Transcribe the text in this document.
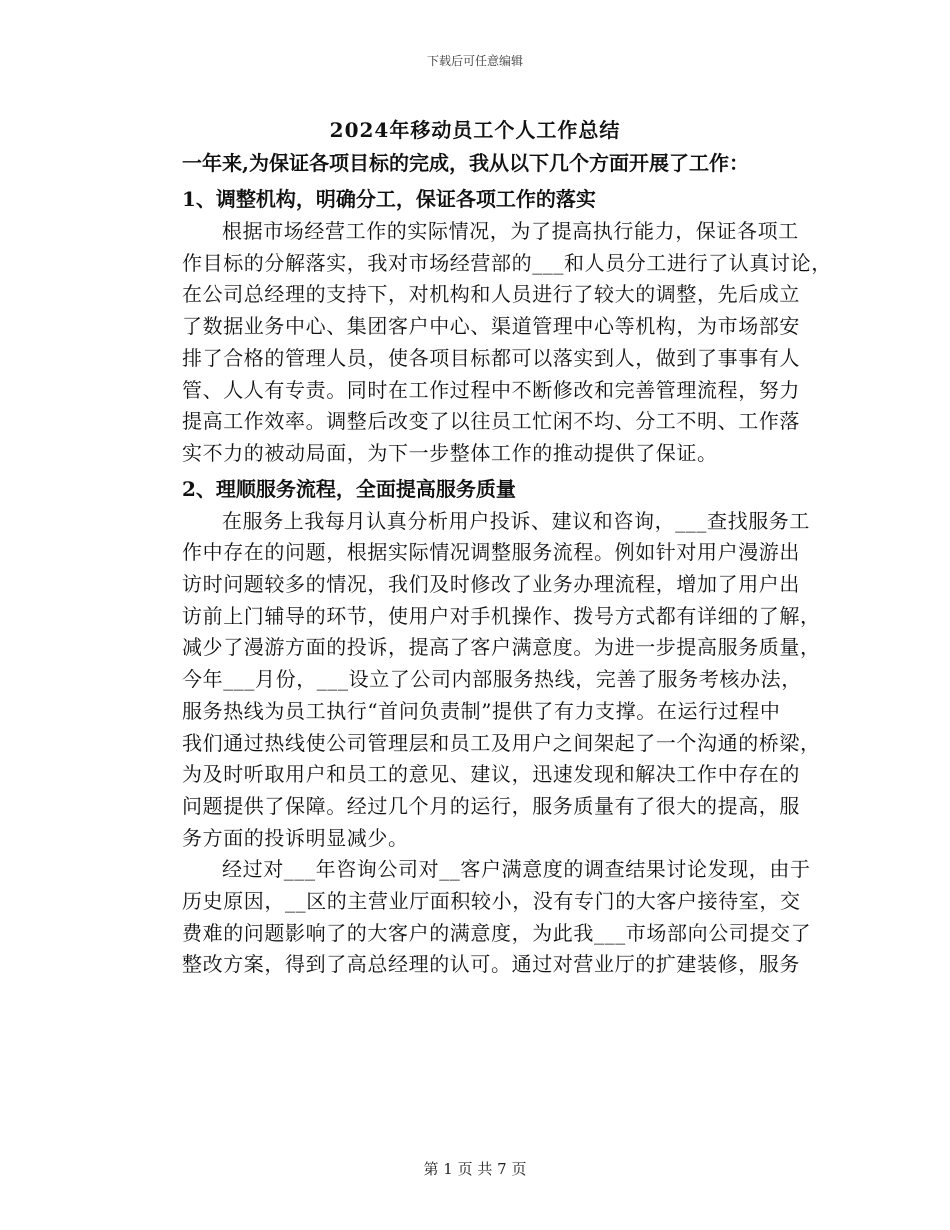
下载后可任意编辑
2024年移动员工个人工作总结

一年来,为保证各项目标的完成，我从以下几个方面开展了工作：

1、调整机构，明确分工，保证各项工作的落实

根据市场经营工作的实际情况，为了提高执行能力，保证各项工
作目标的分解落实，我对市场经营部的___和人员分工进行了认真讨论，
在公司总经理的支持下，对机构和人员进行了较大的调整，先后成立
了数据业务中心、集团客户中心、渠道管理中心等机构，为市场部安
排了合格的管理人员，使各项目标都可以落实到人，做到了事事有人
管、人人有专责。同时在工作过程中不断修改和完善管理流程，努力
提高工作效率。调整后改变了以往员工忙闲不均、分工不明、工作落
实不力的被动局面，为下一步整体工作的推动提供了保证。

2、理顺服务流程，全面提高服务质量

在服务上我每月认真分析用户投诉、建议和咨询，___查找服务工
作中存在的问题，根据实际情况调整服务流程。例如针对用户漫游出
访时问题较多的情况，我们及时修改了业务办理流程，增加了用户出
访前上门辅导的环节，使用户对手机操作、拨号方式都有详细的了解，
减少了漫游方面的投诉，提高了客户满意度。为进一步提高服务质量，
今年___月份，___设立了公司内部服务热线，完善了服务考核办法，
服务热线为员工执行“首问负责制”提供了有力支撑。在运行过程中
我们通过热线使公司管理层和员工及用户之间架起了一个沟通的桥梁，
为及时听取用户和员工的意见、建议，迅速发现和解决工作中存在的
问题提供了保障。经过几个月的运行，服务质量有了很大的提高，服
务方面的投诉明显减少。
经过对___年咨询公司对__客户满意度的调查结果讨论发现，由于
历史原因，__区的主营业厅面积较小，没有专门的大客户接待室，交
费难的问题影响了的大客户的满意度，为此我___市场部向公司提交了
整改方案，得到了高总经理的认可。通过对营业厅的扩建装修，服务
第 1 页 共 7 页
